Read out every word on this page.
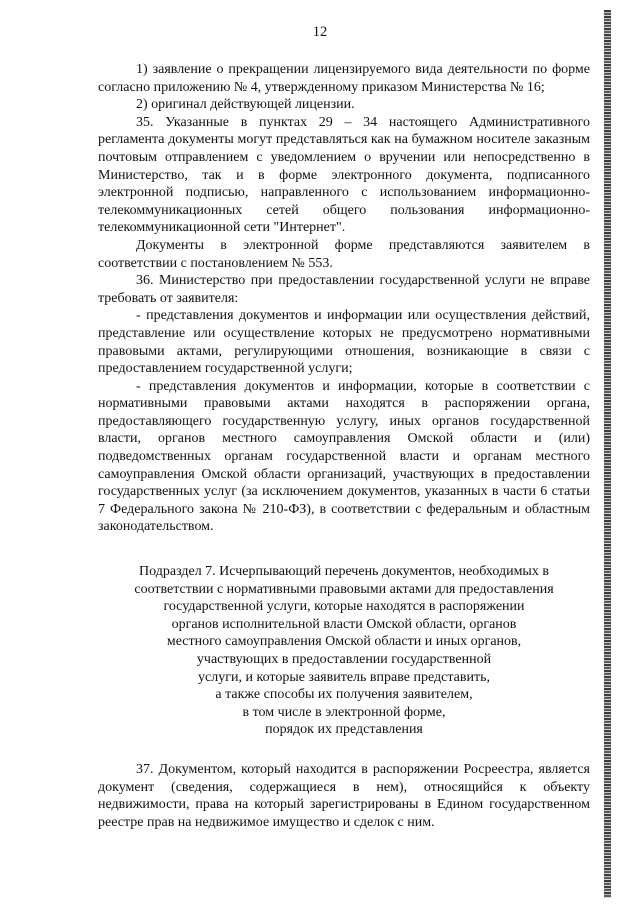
12

1) заявление о прекращении лицензируемого вида деятельности по форме согласно приложению № 4, утвержденному приказом Министерства № 16;

2) оригинал действующей лицензии.

35. Указанные в пунктах 29 – 34 настоящего Административного регламента документы могут представляться как на бумажном носителе заказным почтовым отправлением с уведомлением о вручении или непосредственно в Министерство, так и в форме электронного документа, подписанного электронной подписью, направленного с использованием информационно-телекоммуникационных сетей общего пользования информационно-телекоммуникационной сети "Интернет".

Документы в электронной форме представляются заявителем в соответствии с постановлением № 553.

36. Министерство при предоставлении государственной услуги не вправе требовать от заявителя:

- представления документов и информации или осуществления действий, представление или осуществление которых не предусмотрено нормативными правовыми актами, регулирующими отношения, возникающие в связи с предоставлением государственной услуги;

- представления документов и информации, которые в соответствии с нормативными правовыми актами находятся в распоряжении органа, предоставляющего государственную услугу, иных органов государственной власти, органов местного самоуправления Омской области и (или) подведомственных органам государственной власти и органам местного самоуправления Омской области организаций, участвующих в предоставлении государственных услуг (за исключением документов, указанных в части 6 статьи 7 Федерального закона № 210-ФЗ), в соответствии с федеральным и областным законодательством.

Подраздел 7. Исчерпывающий перечень документов, необходимых в
соответствии с нормативными правовыми актами для предоставления
государственной услуги, которые находятся в распоряжении
органов исполнительной власти Омской области, органов
местного самоуправления Омской области и иных органов,
участвующих в предоставлении государственной
услуги, и которые заявитель вправе представить,
а также способы их получения заявителем,
в том числе в электронной форме,
порядок их представления

37. Документом, который находится в распоряжении Росреестра, является документ (сведения, содержащиеся в нем), относящийся к объекту недвижимости, права на который зарегистрированы в Едином государственном реестре прав на недвижимое имущество и сделок с ним.
